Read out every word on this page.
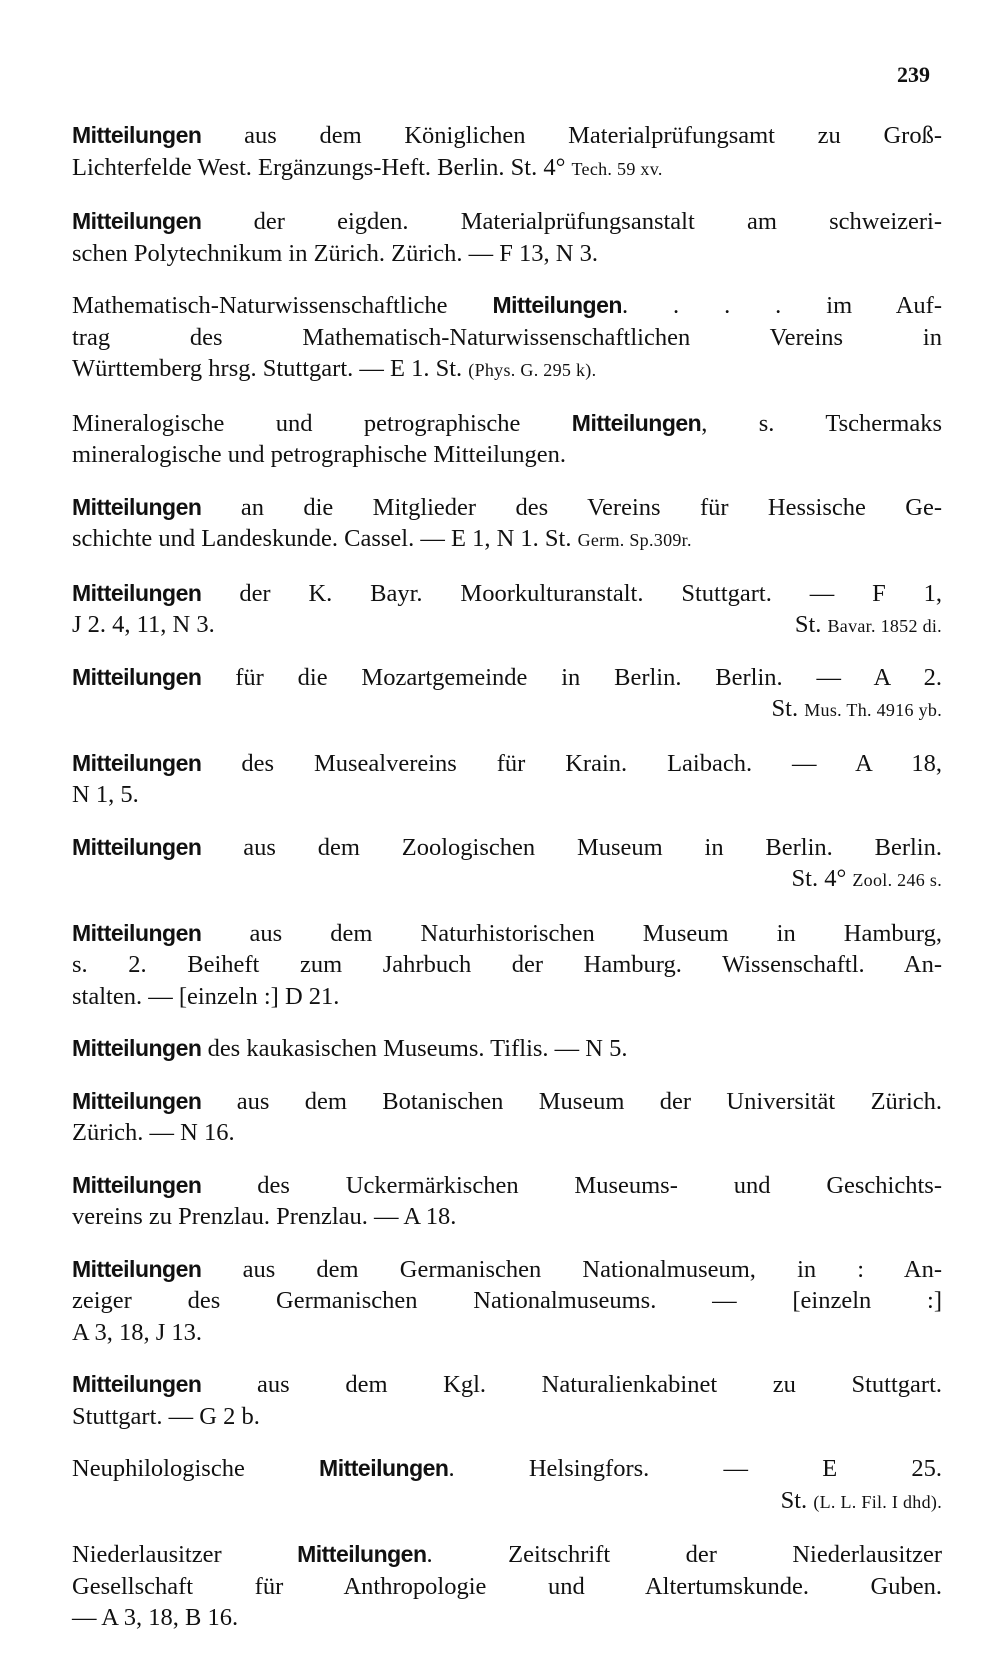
239
Mitteilungen aus dem Königlichen Materialprüfungsamt zu Groß-
Lichterfelde West. Ergänzungs-Heft. Berlin. St. 4° Tech. 59 xv.
Mitteilungen der eigden. Materialprüfungsanstalt am schweizeri-
schen Polytechnikum in Zürich. Zürich. — F 13, N 3.
Mathematisch-Naturwissenschaftliche Mitteilungen. . . . im Auf-
trag des Mathematisch-Naturwissenschaftlichen Vereins in
Württemberg hrsg. Stuttgart. — E 1. St. (Phys. G. 295 k).
Mineralogische und petrographische Mitteilungen, s. Tschermaks
mineralogische und petrographische Mitteilungen.
Mitteilungen an die Mitglieder des Vereins für Hessische Ge-
schichte und Landeskunde. Cassel. — E 1, N 1. St. Germ. Sp.309r.
Mitteilungen der K. Bayr. Moorkulturanstalt. Stuttgart. — F 1,
J 2. 4, 11, N 3.	St. Bavar. 1852 di.
Mitteilungen für die Mozartgemeinde in Berlin. Berlin. — A 2.
St. Mus. Th. 4916 yb.
Mitteilungen des Musealvereins für Krain. Laibach. — A 18,
N 1, 5.
Mitteilungen aus dem Zoologischen Museum in Berlin. Berlin.
St. 4° Zool. 246 s.
Mitteilungen aus dem Naturhistorischen Museum in Hamburg,
s. 2. Beiheft zum Jahrbuch der Hamburg. Wissenschaftl. An-
stalten. — [einzeln :] D 21.
Mitteilungen des kaukasischen Museums. Tiflis. — N 5.
Mitteilungen aus dem Botanischen Museum der Universität Zürich.
Zürich. — N 16.
Mitteilungen des Uckermärkischen Museums- und Geschichts-
vereins zu Prenzlau. Prenzlau. — A 18.
Mitteilungen aus dem Germanischen Nationalmuseum, in : An-
zeiger des Germanischen Nationalmuseums. — [einzeln :]
A 3, 18, J 13.
Mitteilungen aus dem Kgl. Naturalienkabinet zu Stuttgart.
Stuttgart. — G 2 b.
Neuphilologische Mitteilungen. Helsingfors. — E 25.
St. (L. L. Fil. I dhd).
Niederlausitzer Mitteilungen. Zeitschrift der Niederlausitzer
Gesellschaft für Anthropologie und Altertumskunde. Guben.
— A 3, 18, B 16.
